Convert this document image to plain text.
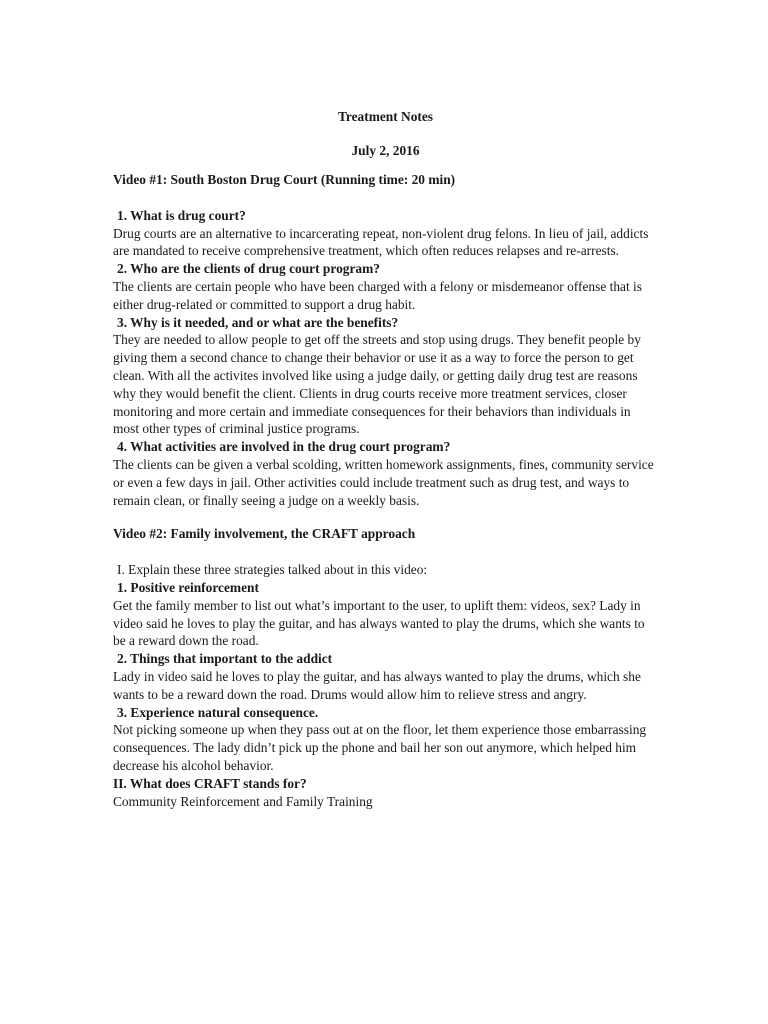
Treatment Notes
July 2, 2016
Video #1: South Boston Drug Court (Running time: 20 min)

1. What is drug court?

Drug courts are an alternative to incarcerating repeat, non-violent drug felons. In lieu of jail, addicts are mandated to receive comprehensive treatment, which often reduces relapses and re-arrests.

2. Who are the clients of drug court program?

The clients are certain people who have been charged with a felony or misdemeanor offense that is either drug-related or committed to support a drug habit.

3. Why is it needed, and or what are the benefits?

They are needed to allow people to get off the streets and stop using drugs. They benefit people by giving them a second chance to change their behavior or use it as a way to force the person to get clean. With all the activites involved like using a judge daily, or getting daily drug test are reasons why they would benefit the client. Clients in drug courts receive more treatment services, closer monitoring and more certain and immediate consequences for their behaviors than individuals in most other types of criminal justice programs.

4. What activities are involved in the drug court program?

The clients can be given a verbal scolding, written homework assignments, fines, community service or even a few days in jail. Other activities could include treatment such as drug test, and ways to remain clean, or finally seeing a judge on a weekly basis.

Video #2: Family involvement, the CRAFT approach

I. Explain these three strategies talked about in this video:

1. Positive reinforcement

Get the family member to list out what’s important to the user, to uplift them: videos, sex? Lady in video said he loves to play the guitar, and has always wanted to play the drums, which she wants to be a reward down the road.

2. Things that important to the addict

Lady in video said he loves to play the guitar, and has always wanted to play the drums, which she wants to be a reward down the road. Drums would allow him to relieve stress and angry.

3. Experience natural consequence.

Not picking someone up when they pass out at on the floor, let them experience those embarrassing consequences. The lady didn’t pick up the phone and bail her son out anymore, which helped him decrease his alcohol behavior.

II. What does CRAFT stands for?

Community Reinforcement and Family Training
